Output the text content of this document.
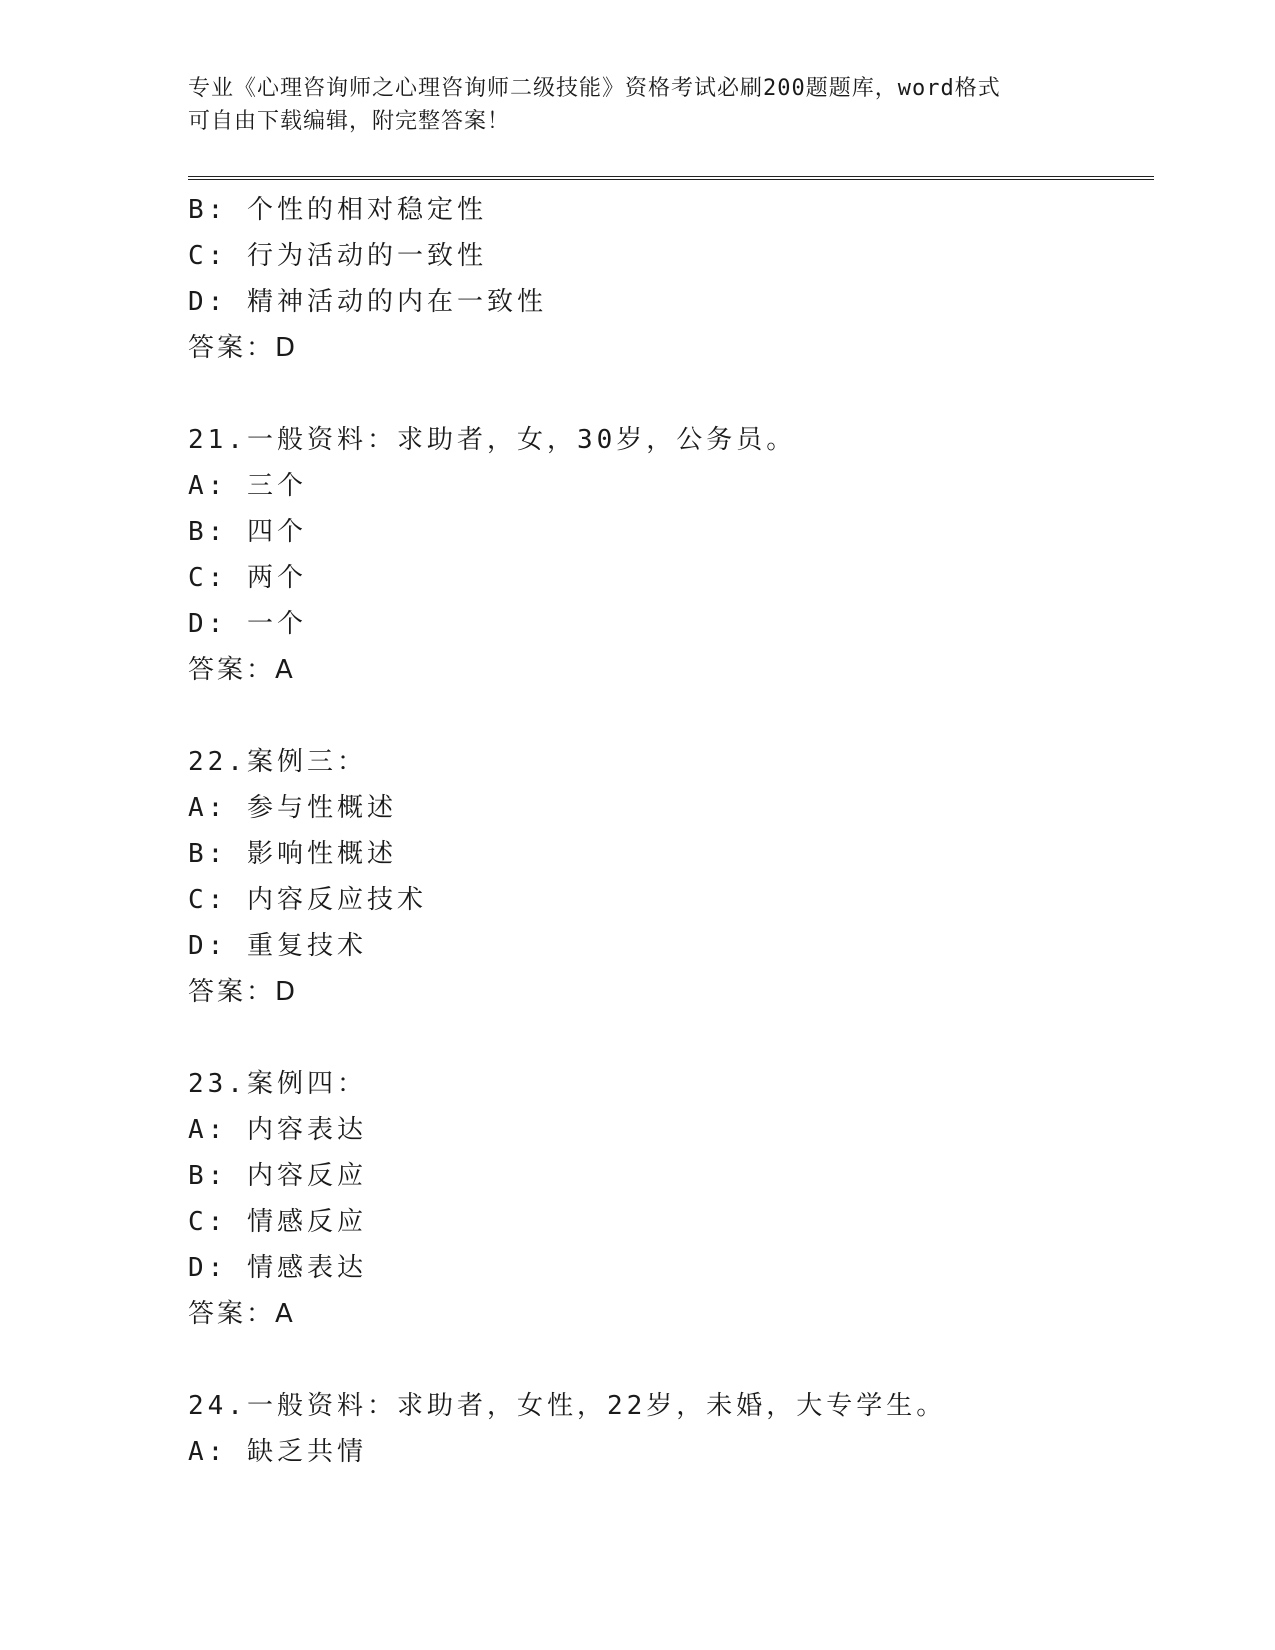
专业《心理咨询师之心理咨询师二级技能》资格考试必刷200题题库，word格式
可自由下载编辑，附完整答案！
B: 个性的相对稳定性
C: 行为活动的一致性
D: 精神活动的内在一致性
答案：D
21.一般资料：求助者，女，30岁，公务员。
A: 三个
B: 四个
C: 两个
D: 一个
答案：A
22.案例三：
A: 参与性概述
B: 影响性概述
C: 内容反应技术
D: 重复技术
答案：D
23.案例四：
A: 内容表达
B: 内容反应
C: 情感反应
D: 情感表达
答案：A
24.一般资料：求助者，女性，22岁，未婚，大专学生。
A: 缺乏共情
